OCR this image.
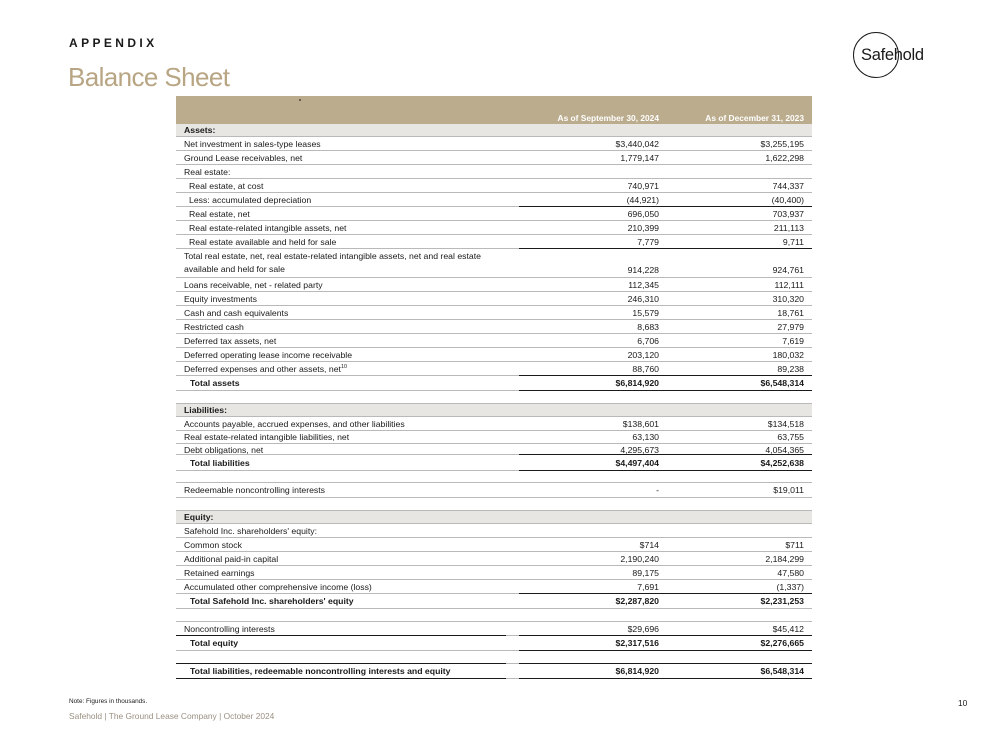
APPENDIX
Balance Sheet
Safehold
As of September 30, 2024	As of December 31, 2023
Assets:
Net investment in sales-type leases	$3,440,042	$3,255,195
Ground Lease receivables, net	1,779,147	1,622,298
Real estate:
Real estate, at cost	740,971	744,337
Less: accumulated depreciation	(44,921)	(40,400)
Real estate, net	696,050	703,937
Real estate-related intangible assets, net	210,399	211,113
Real estate available and held for sale	7,779	9,711
Total real estate, net, real estate-related intangible assets, net and real estate available and held for sale	914,228	924,761
Loans receivable, net - related party	112,345	112,111
Equity investments	246,310	310,320
Cash and cash equivalents	15,579	18,761
Restricted cash	8,683	27,979
Deferred tax assets, net	6,706	7,619
Deferred operating lease income receivable	203,120	180,032
Deferred expenses and other assets, net$^{10}$	88,760	89,238
Total assets	$6,814,920	$6,548,314
Liabilities:
Accounts payable, accrued expenses, and other liabilities	$138,601	$134,518
Real estate-related intangible liabilities, net	63,130	63,755
Debt obligations, net	4,295,673	4,054,365
Total liabilities	$4,497,404	$4,252,638
Redeemable noncontrolling interests	-	$19,011
Equity:
Safehold Inc. shareholders' equity:
Common stock	$714	$711
Additional paid-in capital	2,190,240	2,184,299
Retained earnings	89,175	47,580
Accumulated other comprehensive income (loss)	7,691	(1,337)
Total Safehold Inc. shareholders' equity	$2,287,820	$2,231,253
Noncontrolling interests	$29,696	$45,412
Total equity	$2,317,516	$2,276,665
Total liabilities, redeemable noncontrolling interests and equity	$6,814,920	$6,548,314
Note: Figures in thousands.
Safehold | The Ground Lease Company | October 2024
10
